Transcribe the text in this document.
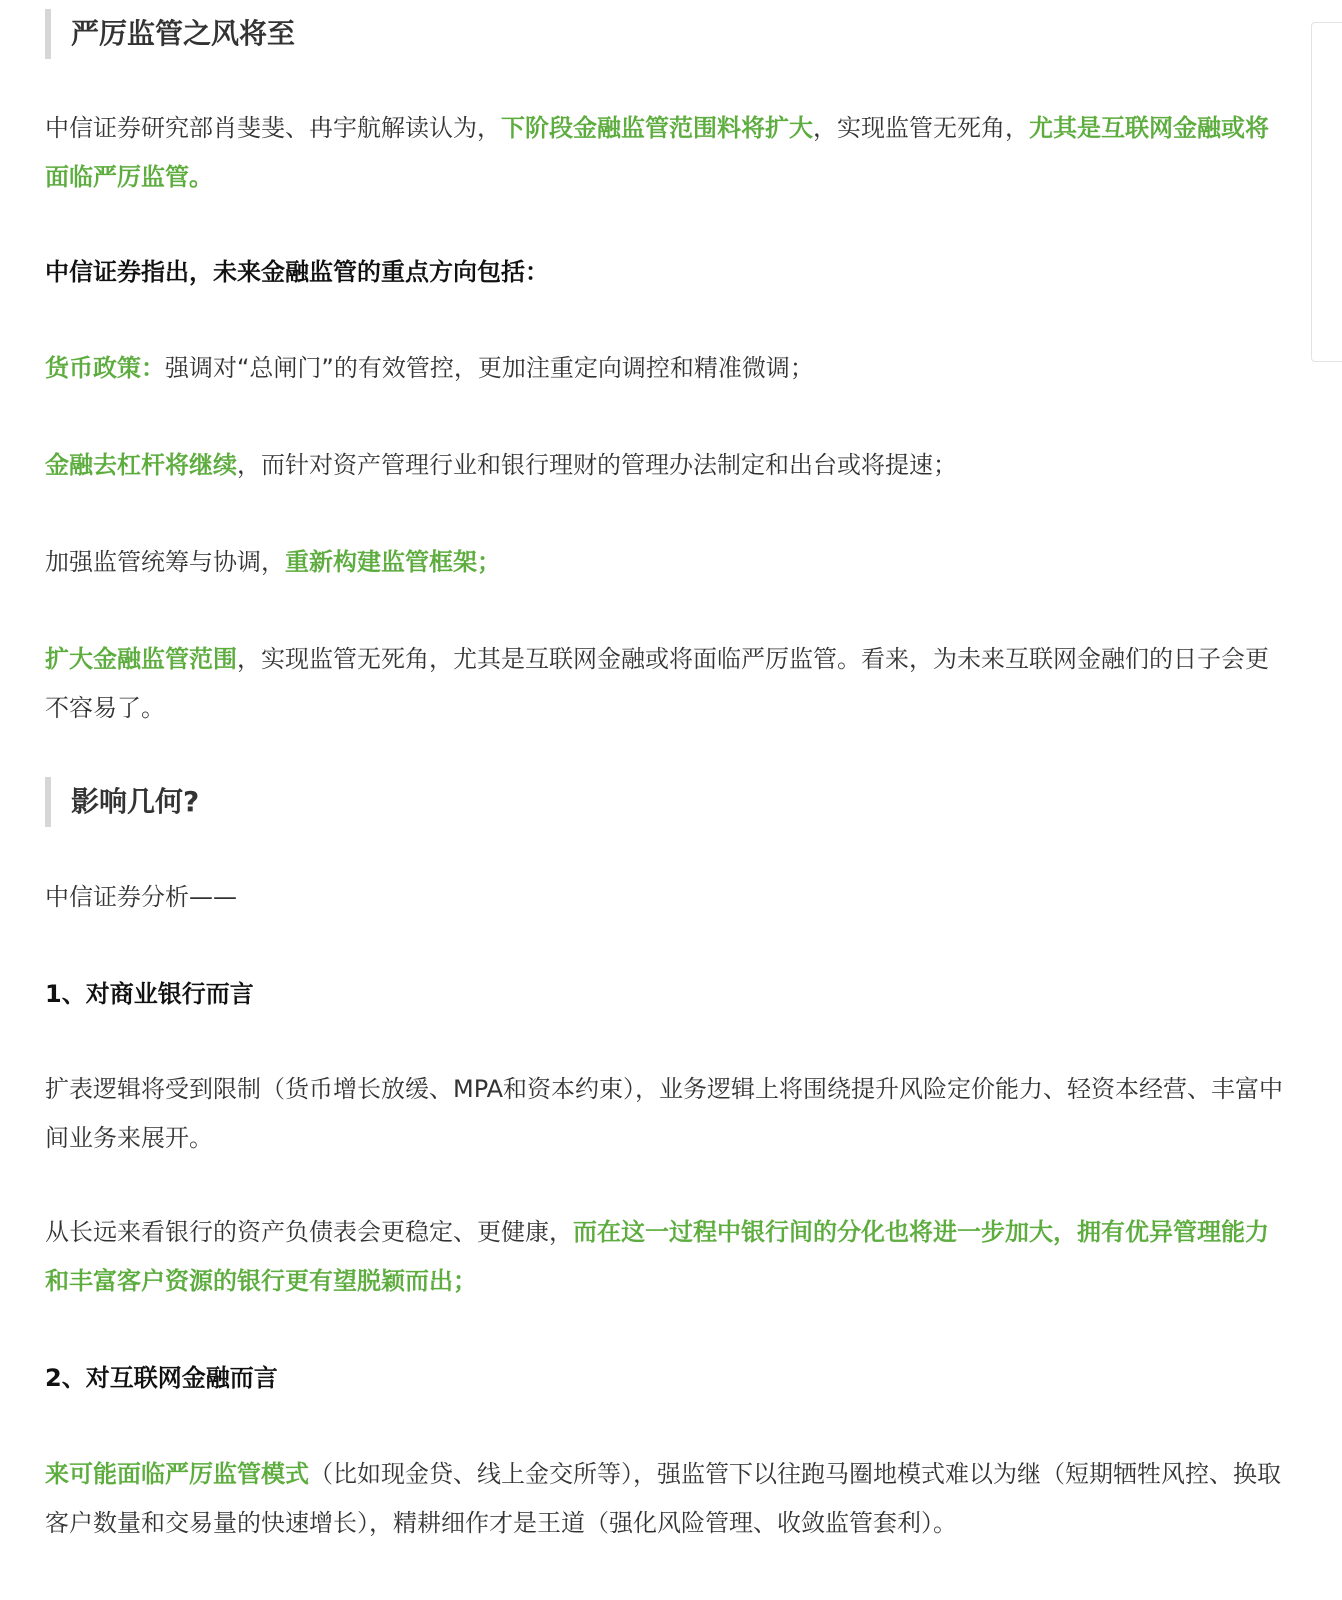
严厉监管之风将至

中信证券研究部肖斐斐、冉宇航解读认为，下阶段金融监管范围料将扩大，实现监管无死角，尤其是互联网金融或将面临严厉监管。

中信证券指出，未来金融监管的重点方向包括：

货币政策：强调对“总闸门”的有效管控，更加注重定向调控和精准微调；

金融去杠杆将继续，而针对资产管理行业和银行理财的管理办法制定和出台或将提速；

加强监管统筹与协调，重新构建监管框架；

扩大金融监管范围，实现监管无死角，尤其是互联网金融或将面临严厉监管。看来，为未来互联网金融们的日子会更不容易了。

影响几何?

中信证券分析——

1、对商业银行而言

扩表逻辑将受到限制（货币增长放缓、MPA和资本约束），业务逻辑上将围绕提升风险定价能力、轻资本经营、丰富中间业务来展开。

从长远来看银行的资产负债表会更稳定、更健康，而在这一过程中银行间的分化也将进一步加大，拥有优异管理能力和丰富客户资源的银行更有望脱颖而出；

2、对互联网金融而言

来可能面临严厉监管模式（比如现金贷、线上金交所等），强监管下以往跑马圈地模式难以为继（短期牺牲风控、换取客户数量和交易量的快速增长），精耕细作才是王道（强化风险管理、收敛监管套利）。
